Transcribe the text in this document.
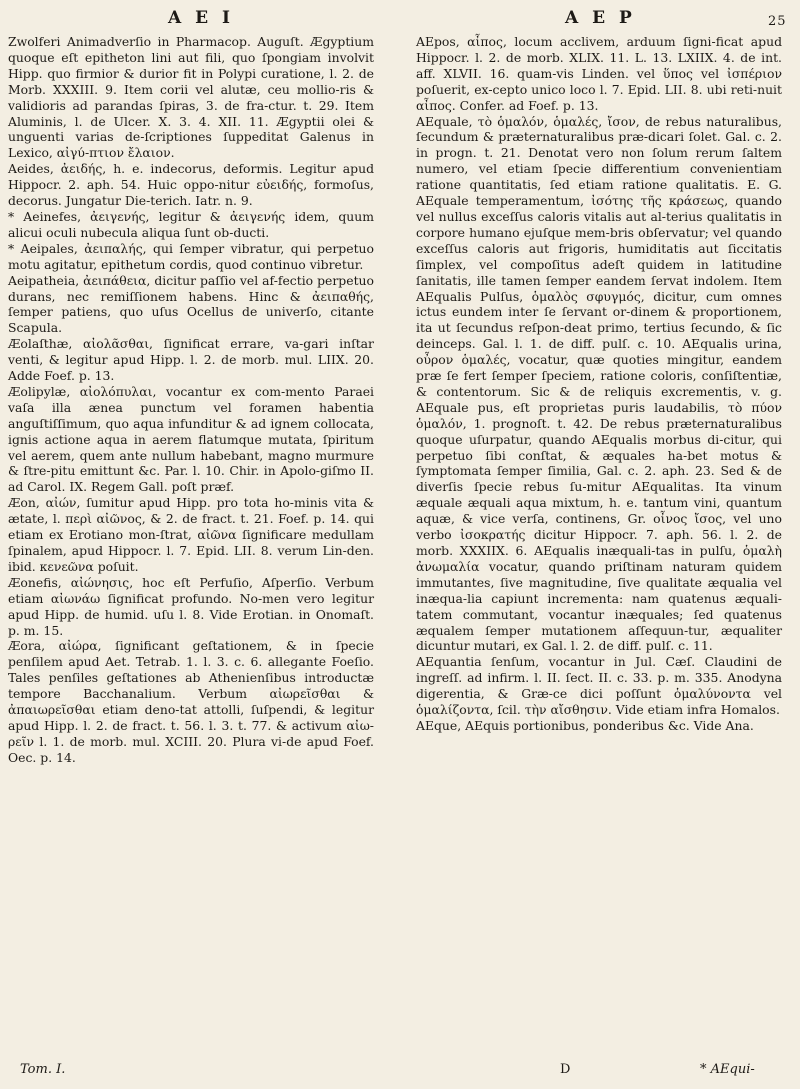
A E I	A E P	25

Zwolferi Animadverſio in Pharmacop. Auguſt. Ægyptium quoque eſt epitheton lini aut fili, quo ſpongiam involvit Hipp. quo firmior & durior fit in Polypi curatione, l. 2. de Morb. XXXIII. 9. Item corii vel alutæ, ceu mollio-ris & validioris ad parandas ſpiras, 3. de fra-ctur. t. 29. Item Aluminis, l. de Ulcer. X. 3. 4. XII. 11. Ægyptii olei & unguenti varias de-ſcriptiones ſuppeditat Galenus in Lexico, αἰγύ-πτιον ἔλαιον.

Aeides, ἀειδής, h. e. indecorus, deformis. Legitur apud Hippocr. 2. aph. 54. Huic oppo-nitur εὐειδής, formoſus, decorus. Jungatur Die-terich. Iatr. n. 9.

* Aeinefes, ἀειγενής, legitur & ἀειγενής idem, quum alicui oculi nubecula aliqua ſunt ob-ducti.

* Aeipales, ἀειπαλής, qui ſemper vibratur, qui perpetuo motu agitatur, epithetum cordis, quod continuo vibretur.

Aeipatheia, ἀειπάθεια, dicitur paſſio vel af-fectio perpetuo durans, nec remiſſionem habens. Hinc & ἀειπαθής, ſemper patiens, quo uſus Ocellus de univerſo, citante Scapula.

Æolaſthæ, αἰολᾶσθαι, ſignificat errare, va-gari inſtar venti, & legitur apud Hipp. l. 2. de morb. mul. LIIX. 20. Adde Foef. p. 13.

Æolipylæ, αἰολόπυλαι, vocantur ex com-mento Paraei vaſa illa ænea punctum vel foramen habentia anguſtiſſimum, quo aqua infunditur & ad ignem collocata, ignis actione aqua in aerem flatumque mutata, ſpiritum vel aerem, quem ante nullum habebant, magno murmure & ſtre-pitu emittunt &c. Par. l. 10. Chir. in Apolo-giſmo II. ad Carol. IX. Regem Gall. poſt præf.

Æon, αἰών, ſumitur apud Hipp. pro tota ho-minis vita & ætate, l. περὶ αἰῶνος, & 2. de fract. t. 21. Foef. p. 14. qui etiam ex Erotiano mon-ſtrat, αἰῶνα ſignificare medullam ſpinalem, apud Hippocr. l. 7. Epid. LII. 8. verum Lin-den. ibid. κενεῶνα poſuit.

Æonefis, αἰώνησις, hoc eſt Perfuſio, Aſperſio. Verbum etiam αἰωνάω ſignificat profundo. No-men vero legitur apud Hipp. de humid. uſu l. 8. Vide Erotian. in Onomaſt. p. m. 15.

Æora, αἰώρα, ſignificant geſtationem, & in ſpecie penſilem apud Aet. Tetrab. 1. l. 3. c. 6. allegante Foeſio. Tales penſiles geſtationes ab Athenienſibus introductæ tempore Bacchanalium. Verbum αἰωρεῖσθαι & ἀπαιωρεῖσθαι etiam deno-tat attolli, ſuſpendi, & legitur apud Hipp. l. 2. de fract. t. 56. l. 3. t. 77. & activum αἰω-ρεῖν l. 1. de morb. mul. XCIII. 20. Plura vi-de apud Foef. Oec. p. 14.

AEpos, αἶπος, locum acclivem, arduum ſigni-ficat apud Hippocr. l. 2. de morb. XLIX. 11. L. 13. LXIIX. 4. de int. aff. XLVII. 16. quam-vis Linden. vel ὕπος vel ἰσπέριον poſuerit, ex-cepto unico loco l. 7. Epid. LII. 8. ubi reti-nuit αἶπος. Confer. ad Foef. p. 13.

AEquale, τὸ ὁμαλόν, ὁμαλές, ἴσον, de rebus naturalibus, ſecundum & præternaturalibus præ-dicari ſolet. Gal. c. 2. in progn. t. 21. Denotat vero non ſolum rerum ſaltem numero, vel etiam ſpecie differentium convenientiam ratione quantitatis, ſed etiam ratione qualitatis. E. G. AEquale temperamentum, ἰσότης τῆς κράσεως, quando vel nullus exceſſus caloris vitalis aut al-terius qualitatis in corpore humano ejuſque mem-bris obſervatur; vel quando exceſſus caloris aut frigoris, humiditatis aut ſiccitatis ſimplex, vel compoſitus adeſt quidem in latitudine ſanitatis, ille tamen ſemper eandem ſervat indolem. Item AEqualis Pulſus, ὁμαλὸς σφυγμός, dicitur, cum omnes ictus eundem inter ſe ſervant or-dinem & proportionem, ita ut ſecundus reſpon-deat primo, tertius ſecundo, & ſic deinceps. Gal. l. 1. de diff. pulſ. c. 10. AEqualis urina, οὖρον ὁμαλές, vocatur, quæ quoties mingitur, eandem præ ſe fert ſemper ſpeciem, ratione coloris, conſiſtentiæ, & contentorum. Sic & de reliquis excrementis, v. g. AEquale pus, eſt proprietas puris laudabilis, τὸ πύον ὁμαλόν, 1. prognoſt. t. 42. De rebus præternaturalibus quoque uſurpatur, quando AEqualis morbus di-citur, qui perpetuo ſibi conſtat, & æquales ha-bet motus & ſymptomata ſemper ſimilia, Gal. c. 2. aph. 23. Sed & de diverſis ſpecie rebus ſu-mitur AEqualitas. Ita vinum æquale æquali aqua mixtum, h. e. tantum vini, quantum aquæ, & vice verſa, continens, Gr. οἶνος ἴσος, vel uno verbo ἰσοκρατής dicitur Hippocr. 7. aph. 56. l. 2. de morb. XXXIIX. 6. AEqualis inæquali-tas in pulſu, ὁμαλὴ ἀνωμαλία vocatur, quando priſtinam naturam quidem immutantes, ſive magnitudine, ſive qualitate æqualia vel inæqua-lia capiunt incrementa: nam quatenus æquali-tatem commutant, vocantur inæquales; ſed quatenus æqualem ſemper mutationem aſſequun-tur, æqualiter dicuntur mutari, ex Gal. l. 2. de diff. pulſ. c. 11.

AEquantia ſenſum, vocantur in Jul. Cæſ. Claudini de ingreſſ. ad infirm. l. II. ſect. II. c. 33. p. m. 335. Anodyna digerentia, & Græ-ce dici poſſunt ὁμαλύνοντα vel ὁμαλίζοντα, ſcil. τὴν αἴσθησιν. Vide etiam infra Homalos.

AEque, AEquis portionibus, ponderibus &c. Vide Ana.

Tom. I.	D	* AEqui-
